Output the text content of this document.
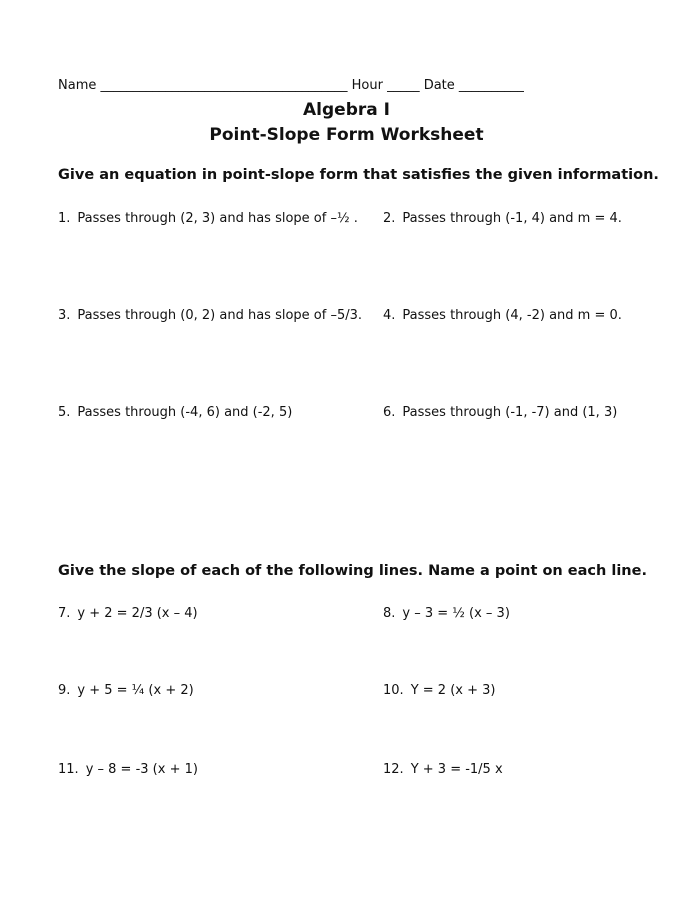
Name ______________________________________ Hour _____ Date __________
Algebra I
Point-Slope Form Worksheet
Give an equation in point-slope form that satisfies the given information.
1. Passes through (2, 3) and has slope of –½ . 2. Passes through (-1, 4) and m = 4.
3. Passes through (0, 2) and has slope of –5/3. 4. Passes through (4, -2) and m = 0.
5. Passes through (-4, 6) and (-2, 5)	6. Passes through (-1, -7) and (1, 3)
Give the slope of each of the following lines. Name a point on each line.
7. y + 2 = 2/3 (x – 4)	8. y – 3 = ½ (x – 3)
9. y + 5 = ¼ (x + 2)	10. Y = 2 (x + 3)
11. y – 8 = -3 (x + 1)	12. Y + 3 = -1/5 x
